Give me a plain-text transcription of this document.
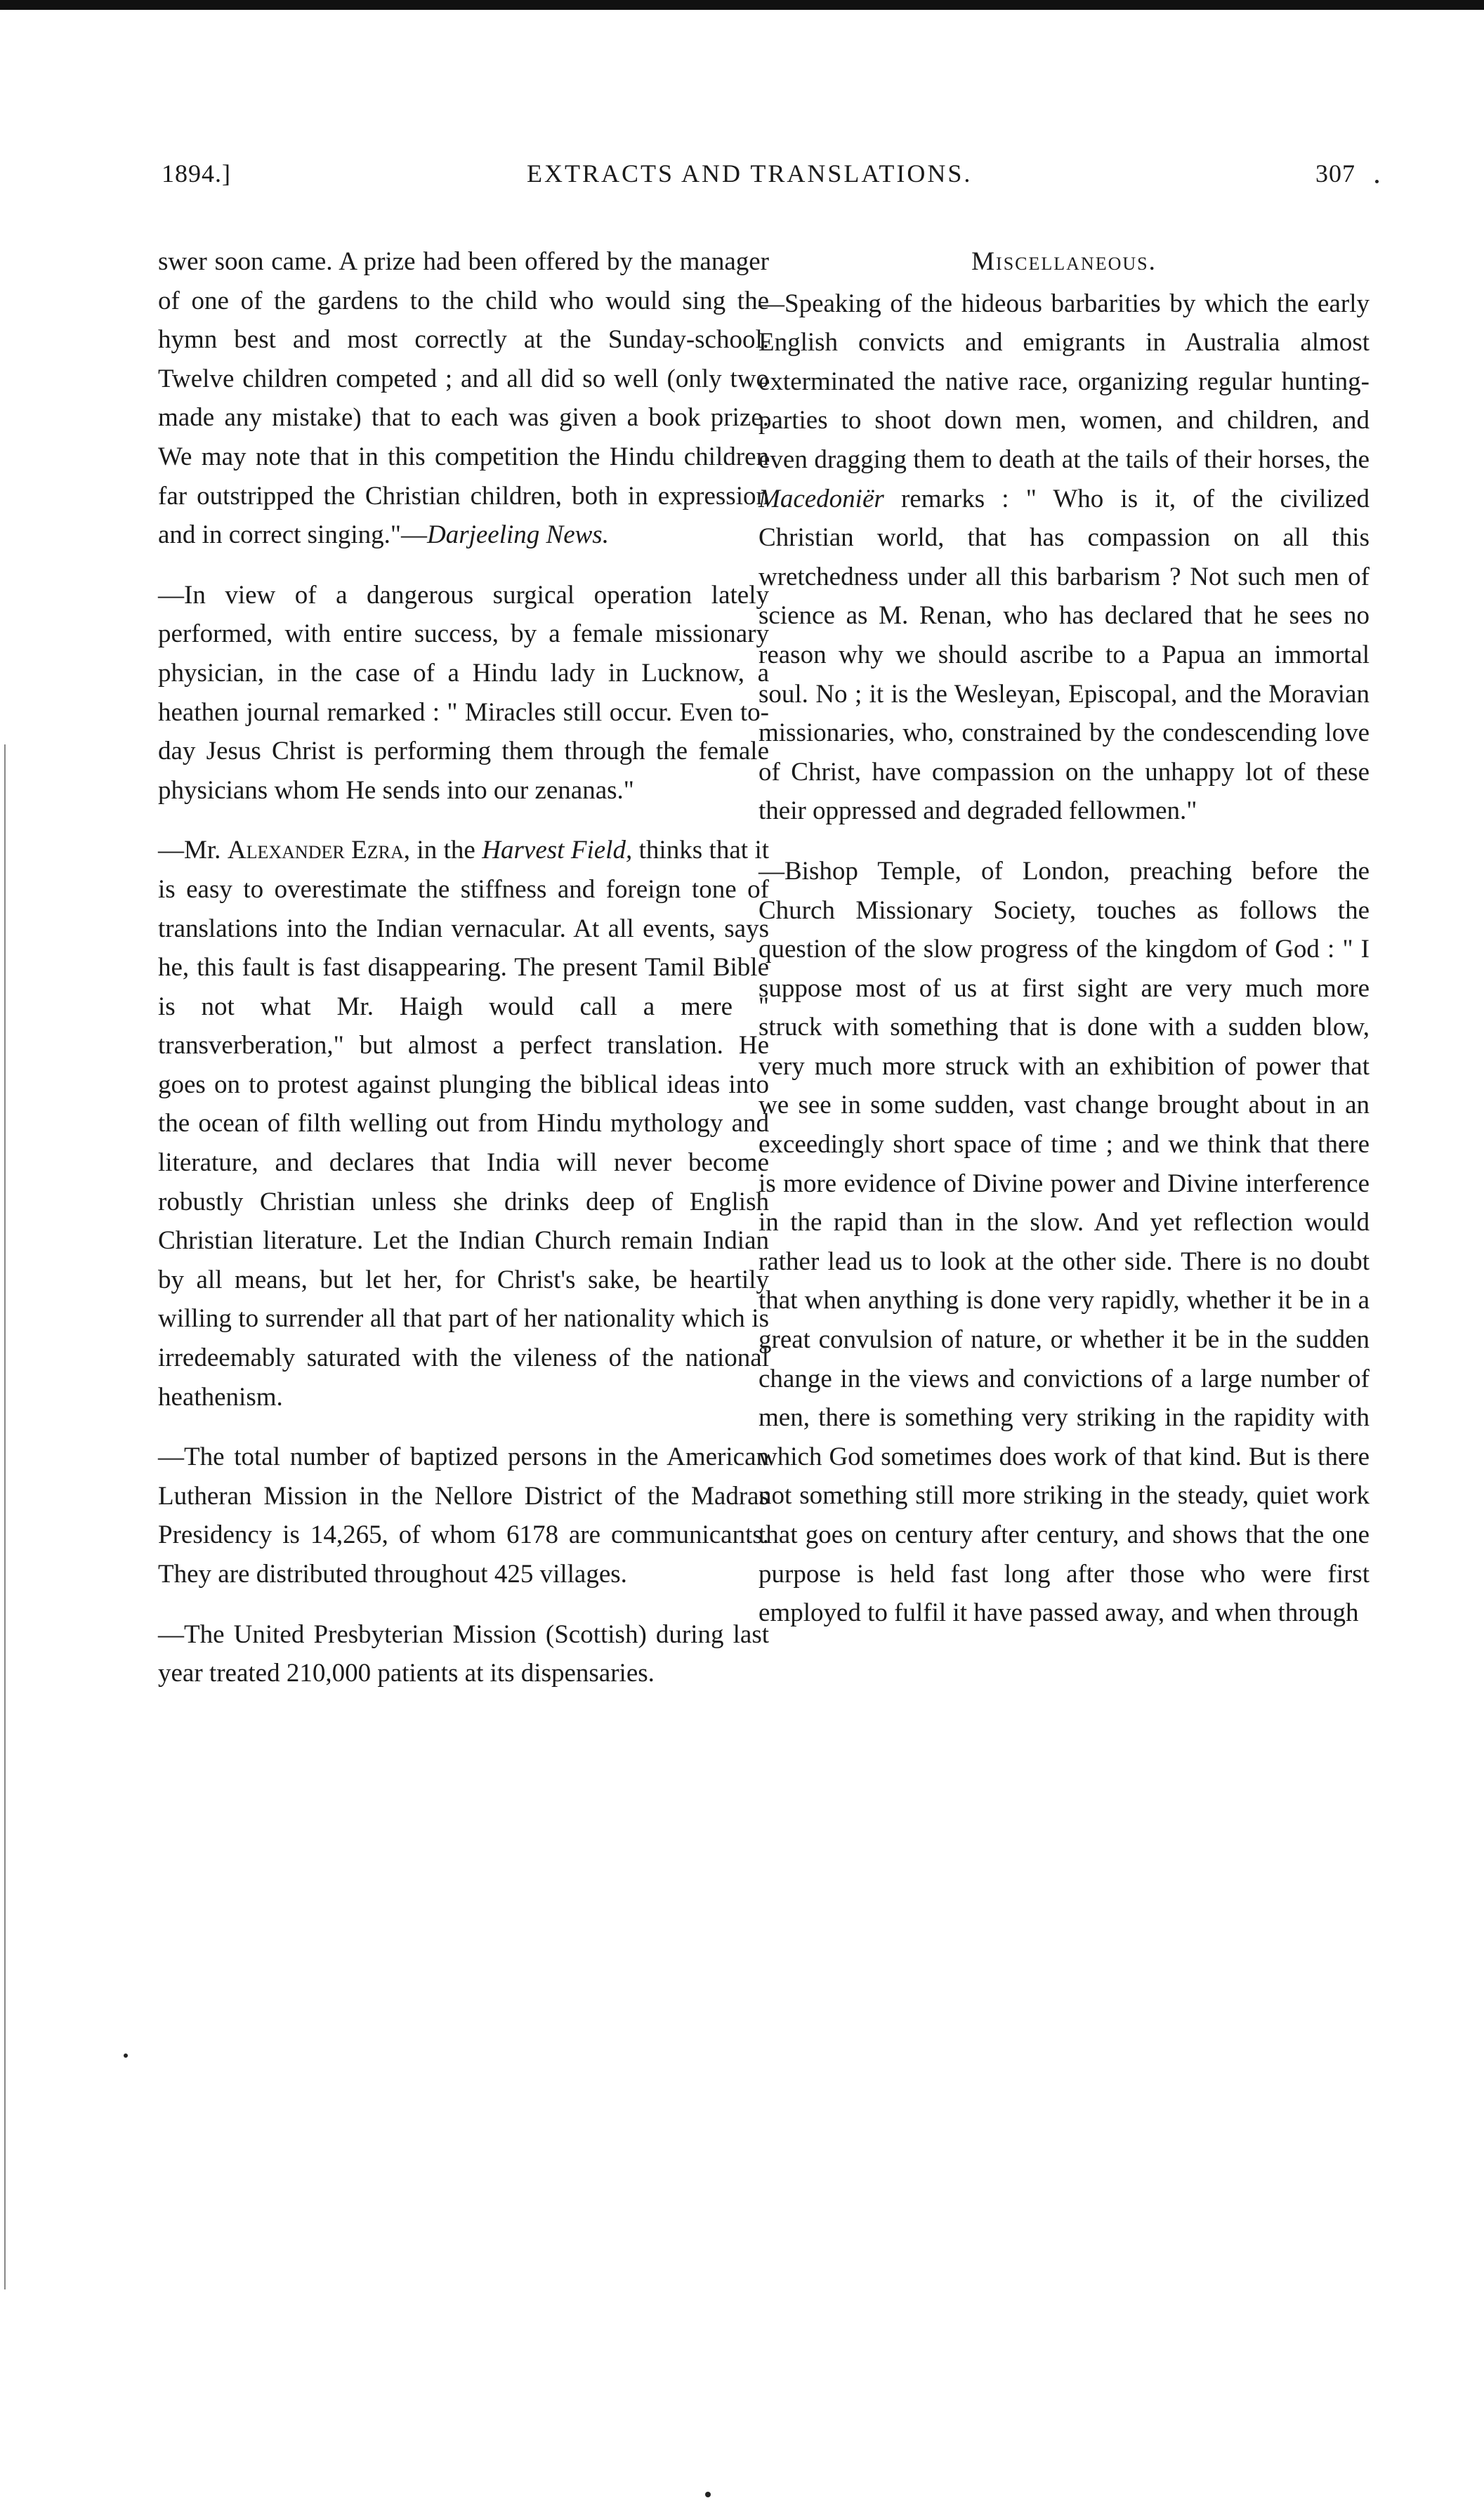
1894.]	EXTRACTS AND TRANSLATIONS.	307

swer soon came. A prize had been offered by the manager of one of the gardens to the child who would sing the hymn best and most correctly at the Sunday-school. Twelve children competed ; and all did so well (only two made any mistake) that to each was given a book prize. We may note that in this competition the Hindu children far outstripped the Christian children, both in expression and in correct singing."—Darjeeling News.

—In view of a dangerous surgical operation lately performed, with entire success, by a female missionary physician, in the case of a Hindu lady in Lucknow, a heathen journal remarked : " Miracles still occur. Even to-day Jesus Christ is performing them through the female physicians whom He sends into our zenanas."

—Mr. Alexander Ezra, in the Harvest Field, thinks that it is easy to overestimate the stiffness and foreign tone of translations into the Indian vernacular. At all events, says he, this fault is fast disappearing. The present Tamil Bible is not what Mr. Haigh would call a mere " transverberation," but almost a perfect translation. He goes on to protest against plunging the biblical ideas into the ocean of filth welling out from Hindu mythology and literature, and declares that India will never become robustly Christian unless she drinks deep of English Christian literature. Let the Indian Church remain Indian by all means, but let her, for Christ's sake, be heartily willing to surrender all that part of her nationality which is irredeemably saturated with the vileness of the national heathenism.

—The total number of baptized persons in the American Lutheran Mission in the Nellore District of the Madras Presidency is 14,265, of whom 6178 are communicants. They are distributed throughout 425 villages.

—The United Presbyterian Mission (Scottish) during last year treated 210,000 patients at its dispensaries.

Miscellaneous.

—Speaking of the hideous barbarities by which the early English convicts and emigrants in Australia almost exterminated the native race, organizing regular hunting-parties to shoot down men, women, and children, and even dragging them to death at the tails of their horses, the Macedoniër remarks : " Who is it, of the civilized Christian world, that has compassion on all this wretchedness under all this barbarism ? Not such men of science as M. Renan, who has declared that he sees no reason why we should ascribe to a Papua an immortal soul. No ; it is the Wesleyan, Episcopal, and the Moravian missionaries, who, constrained by the condescending love of Christ, have compassion on the unhappy lot of these their oppressed and degraded fellowmen."

—Bishop Temple, of London, preaching before the Church Missionary Society, touches as follows the question of the slow progress of the kingdom of God : " I suppose most of us at first sight are very much more struck with something that is done with a sudden blow, very much more struck with an exhibition of power that we see in some sudden, vast change brought about in an exceedingly short space of time ; and we think that there is more evidence of Divine power and Divine interference in the rapid than in the slow. And yet reflection would rather lead us to look at the other side. There is no doubt that when anything is done very rapidly, whether it be in a great convulsion of nature, or whether it be in the sudden change in the views and convictions of a large number of men, there is something very striking in the rapidity with which God sometimes does work of that kind. But is there not something still more striking in the steady, quiet work that goes on century after century, and shows that the one purpose is held fast long after those who were first employed to fulfil it have passed away, and when through
